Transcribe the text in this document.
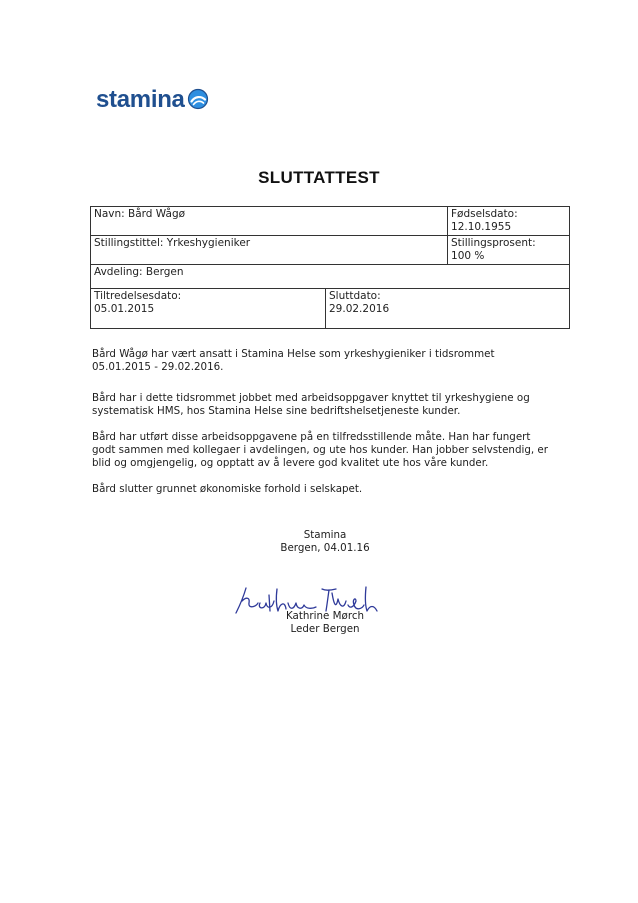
stamina
SLUTTATTEST
Navn: Bård Wågø		Fødselsdato:
12.10.1955

Stillingstittel: Yrkeshygieniker		Stillingsprosent:
100 %

Avdeling: Bergen		

Tiltredelsesdato:
05.01.2015	Sluttdato:
29.02.2016	
Bård Wågø har vært ansatt i Stamina Helse som yrkeshygieniker i tidsrommet
05.01.2015 - 29.02.2016.
Bård har i dette tidsrommet jobbet med arbeidsoppgaver knyttet til yrkeshygiene og
systematisk HMS, hos Stamina Helse sine bedriftshelsetjeneste kunder.
Bård har utført disse arbeidsoppgavene på en tilfredsstillende måte. Han har fungert
godt sammen med kollegaer i avdelingen, og ute hos kunder. Han jobber selvstendig, er
blid og omgjengelig, og opptatt av å levere god kvalitet ute hos våre kunder.
Bård slutter grunnet økonomiske forhold i selskapet.
Stamina
Bergen, 04.01.16
Kathrine Mørch
Leder Bergen
